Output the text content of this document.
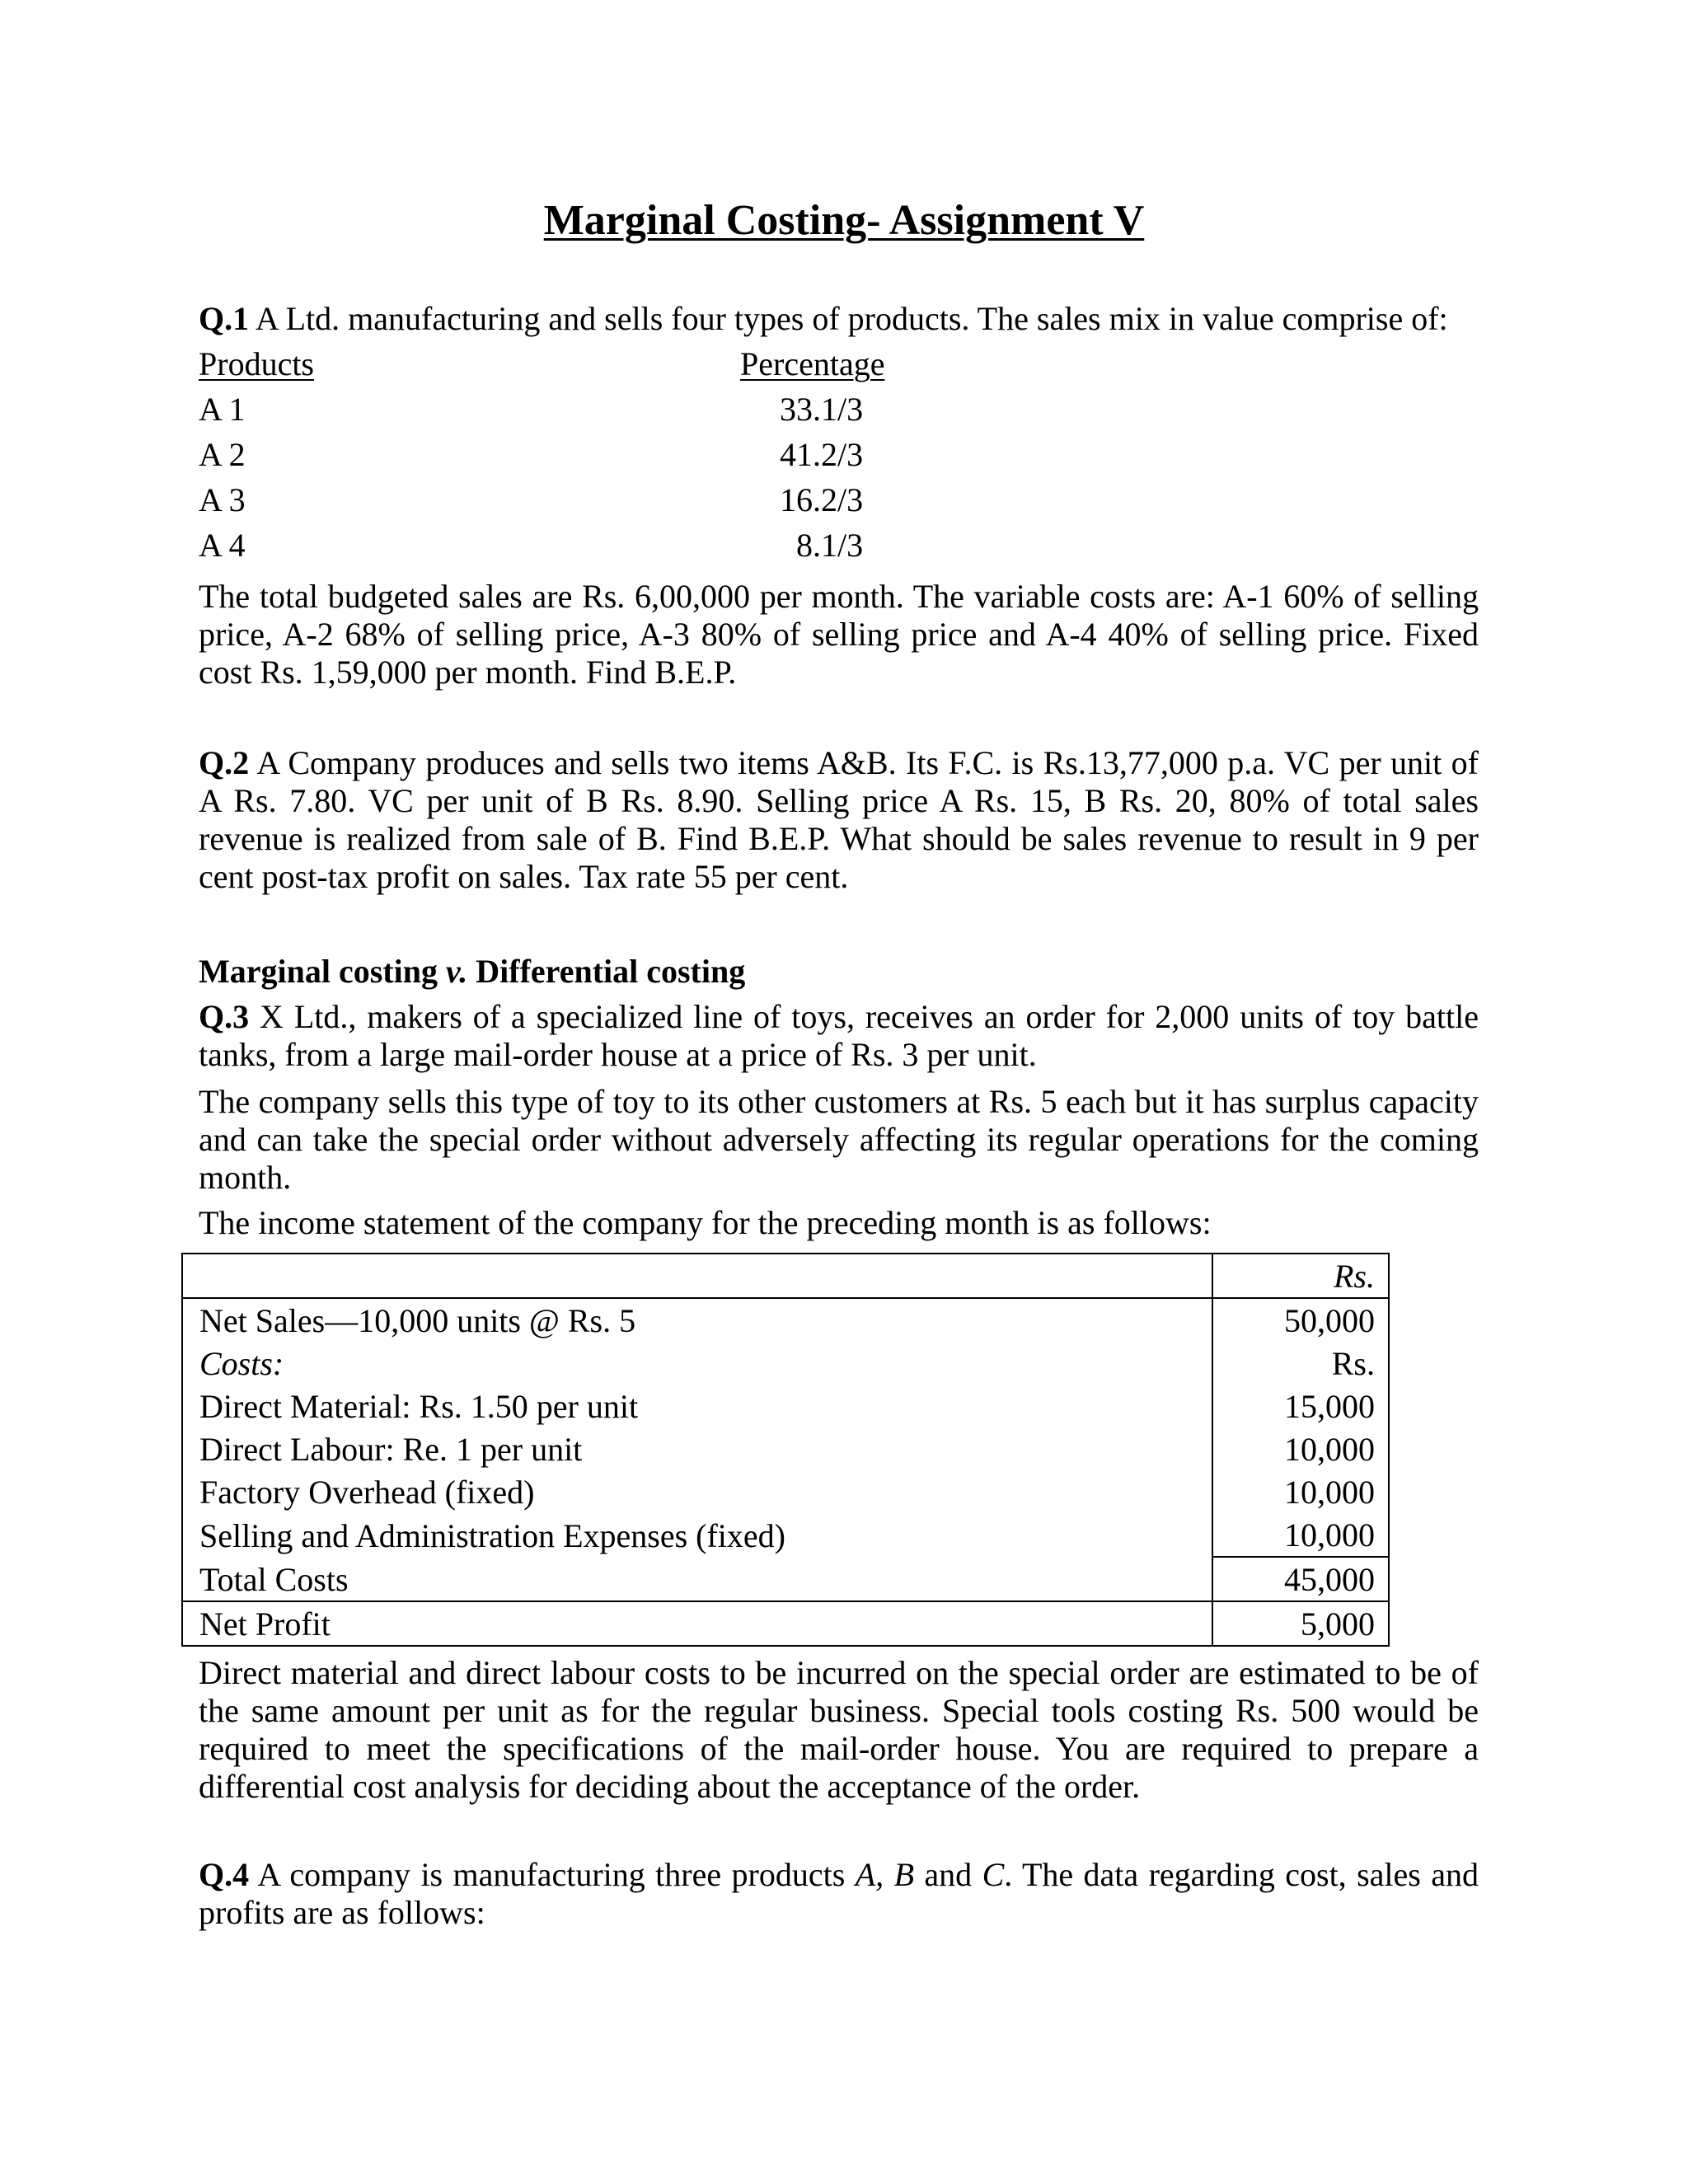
Marginal Costing- Assignment V
Q.1 A Ltd. manufacturing and sells four types of products. The sales mix in value comprise of:
Products	Percentage
A 1	33.1/3
A 2	41.2/3
A 3	16.2/3
A 4	8.1/3
The total budgeted sales are Rs. 6,00,000 per month. The variable costs are: A-1 60% of selling price, A-2 68% of selling price, A-3 80% of selling price and A-4 40% of selling price. Fixed cost Rs. 1,59,000 per month. Find B.E.P.
Q.2 A Company produces and sells two items A&B. Its F.C. is Rs.13,77,000 p.a. VC per unit of A Rs. 7.80. VC per unit of B Rs. 8.90. Selling price A Rs. 15, B Rs. 20, 80% of total sales revenue is realized from sale of B. Find B.E.P. What should be sales revenue to result in 9 per cent post-tax profit on sales. Tax rate 55 per cent.
Marginal costing v. Differential costing
Q.3 X Ltd., makers of a specialized line of toys, receives an order for 2,000 units of toy battle tanks, from a large mail-order house at a price of Rs. 3 per unit.
The company sells this type of toy to its other customers at Rs. 5 each but it has surplus capacity and can take the special order without adversely affecting its regular operations for the coming month.
The income statement of the company for the preceding month is as follows:
	Rs.
Net Sales—10,000 units @ Rs. 5	50,000
Costs:	Rs.
Direct Material: Rs. 1.50 per unit	15,000
Direct Labour: Re. 1 per unit	10,000
Factory Overhead (fixed)	10,000
Selling and Administration Expenses (fixed)	10,000
Total Costs	45,000
Net Profit	5,000
Direct material and direct labour costs to be incurred on the special order are estimated to be of the same amount per unit as for the regular business. Special tools costing Rs. 500 would be required to meet the specifications of the mail-order house. You are required to prepare a differential cost analysis for deciding about the acceptance of the order.
Q.4 A company is manufacturing three products A, B and C. The data regarding cost, sales and profits are as follows:
